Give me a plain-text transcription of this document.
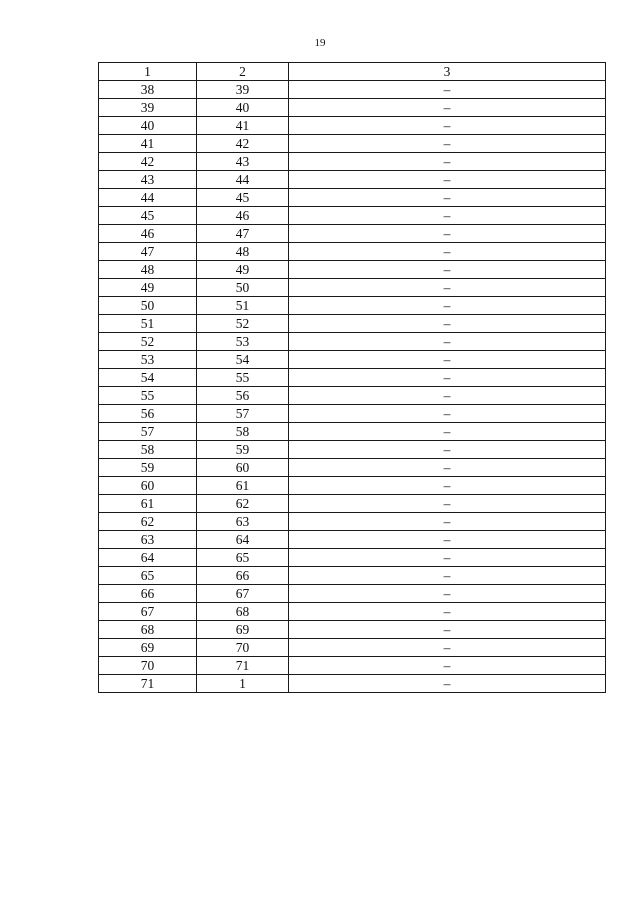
19
1	2	3
38	39	–
39	40	–
40	41	–
41	42	–
42	43	–
43	44	–
44	45	–
45	46	–
46	47	–
47	48	–
48	49	–
49	50	–
50	51	–
51	52	–
52	53	–
53	54	–
54	55	–
55	56	–
56	57	–
57	58	–
58	59	–
59	60	–
60	61	–
61	62	–
62	63	–
63	64	–
64	65	–
65	66	–
66	67	–
67	68	–
68	69	–
69	70	–
70	71	–
71	1	–
